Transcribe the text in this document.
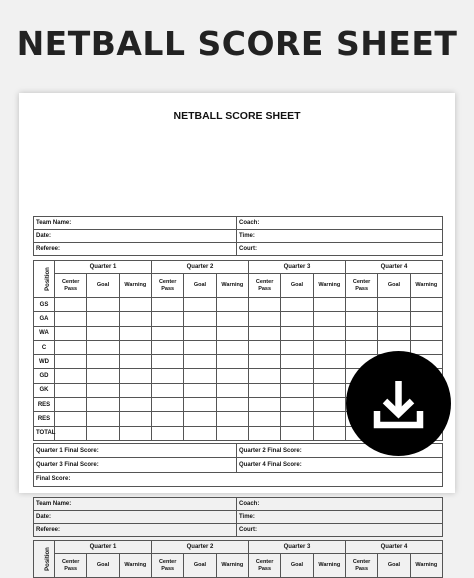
NETBALL SCORE SHEET
NETBALL SCORE SHEET
Team Name:	Coach:
Date:	Time:
Referee:	Court:
Position	Quarter 1			Quarter 2			Quarter 3			Quarter 4		
	Center Pass	Goal	Warning	Center Pass	Goal	Warning	Center Pass	Goal	Warning	Center Pass	Goal	Warning
GS												
GA												
WA												
C												
WD												
GD												
GK												
RES												
RES												
TOTAL												
Quarter 1 Final Score:	Quarter 2 Final Score:
Quarter 3 Final Score:	Quarter 4 Final Score:
Final Score:	
Team Name:	Coach:
Date:	Time:
Referee:	Court:
Position	Quarter 1			Quarter 2			Quarter 3			Quarter 4		
	Center Pass	Goal	Warning	Center Pass	Goal	Warning	Center Pass	Goal	Warning	Center Pass	Goal	Warning
